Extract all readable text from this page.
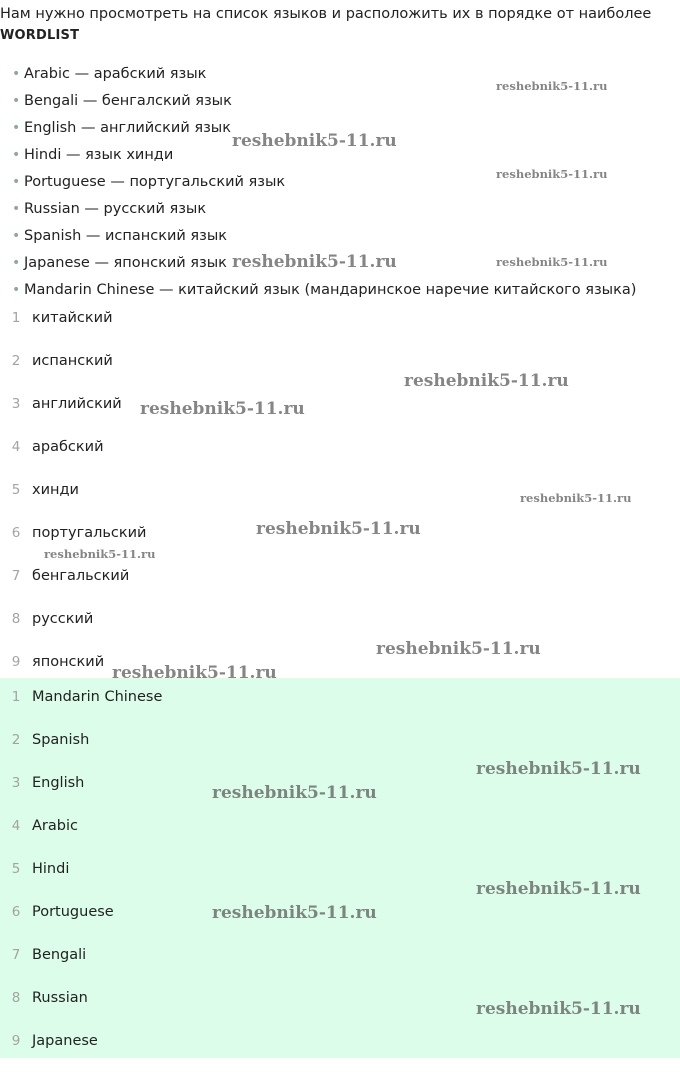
Нам нужно просмотреть на список языков и расположить их в порядке от наиболее
WORDLIST
• Arabic — арабский язык
• Bengali — бенгалский язык
• English — английский язык
• Hindi — язык хинди
• Portuguese — португальский язык
• Russian — русский язык
• Spanish — испанский язык
• Japanese — японский язык
• Mandarin Chinese — китайский язык (мандаринское наречие китайского языка)
1 китайский
2 испанский
3 английский
4 арабский
5 хинди
6 португальский
7 бенгальский
8 русский
9 японский
1 Mandarin Chinese
2 Spanish
3 English
4 Arabic
5 Hindi
6 Portuguese
7 Bengali
8 Russian
9 Japanese
reshebnik5-11.ru
reshebnik5-11.ru
reshebnik5-11.ru
reshebnik5-11.ru	reshebnik5-11.ru
reshebnik5-11.ru
reshebnik5-11.ru
reshebnik5-11.ru
reshebnik5-11.ru
reshebnik5-11.ru
reshebnik5-11.ru
reshebnik5-11.ru
reshebnik5-11.ru
reshebnik5-11.ru
reshebnik5-11.ru
reshebnik5-11.ru
reshebnik5-11.ru
